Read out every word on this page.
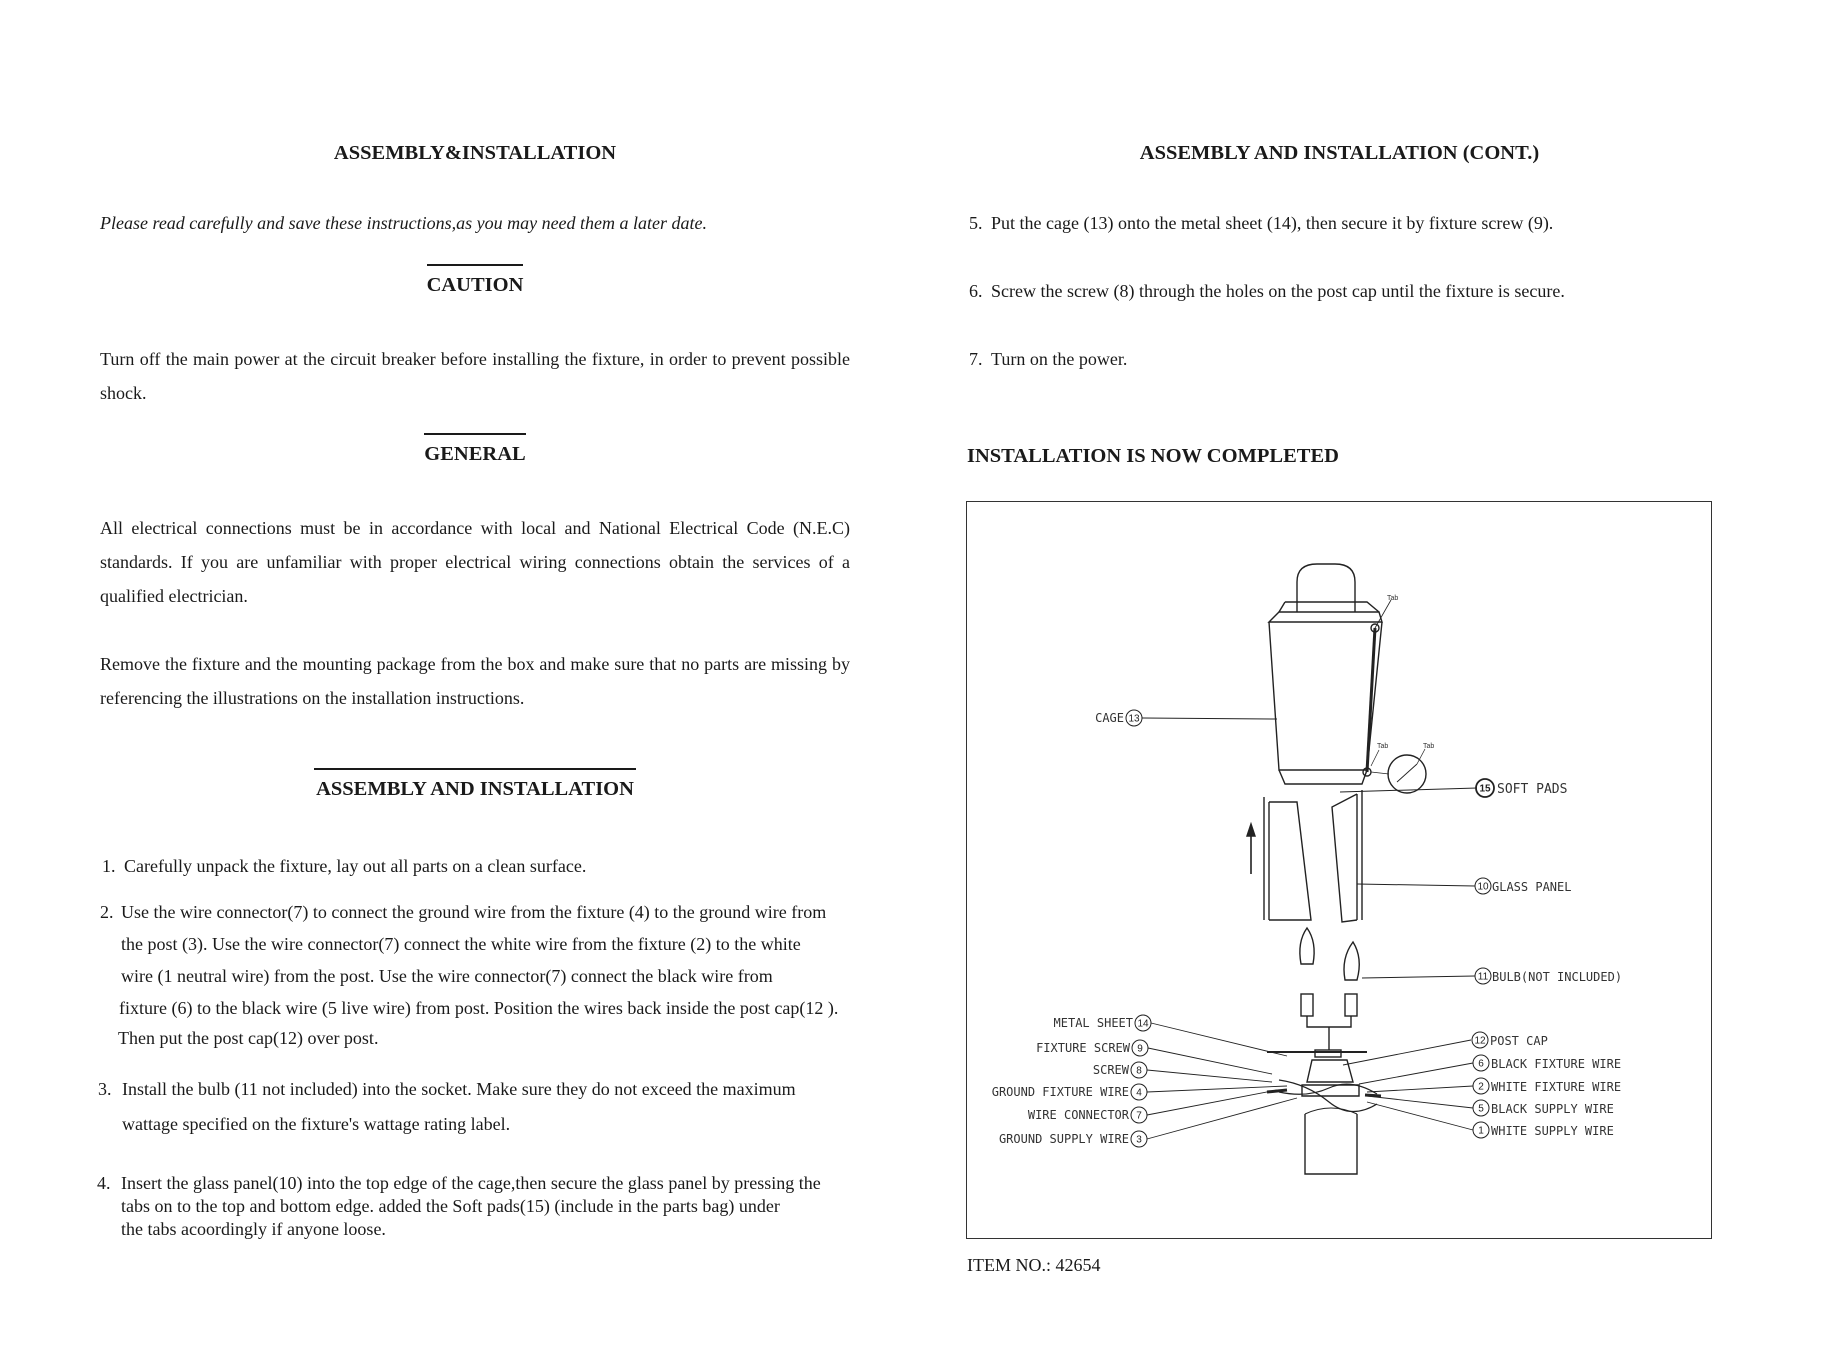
ASSEMBLY&INSTALLATION
Please read carefully and save these instructions,as you may need them a later date.
CAUTION
Turn off the main power at the circuit breaker before installing the fixture, in order to prevent possible shock.
GENERAL
All electrical connections must be in accordance with local and National Electrical Code (N.E.C) standards. If you are unfamiliar with proper electrical wiring connections obtain the services of a qualified electrician.
Remove the fixture and the mounting package from the box and make sure that no parts are missing by referencing the illustrations on the installation instructions.
ASSEMBLY AND INSTALLATION
1. Carefully unpack the fixture, lay out all parts on a clean surface.
2. Use the wire connector(7) to connect the ground wire from the fixture (4) to the ground wire from
the post (3). Use the wire connector(7) connect the white wire from the fixture (2) to the white
wire (1 neutral wire) from the post. Use the wire connector(7) connect the black wire from
fixture (6) to the black wire (5 live wire) from post. Position the wires back inside the post cap(12 ).
Then put the post cap(12) over post.
3. Install the bulb (11 not included) into the socket. Make sure they do not exceed the maximum
wattage specified on the fixture's wattage rating label.
4. Insert the glass panel(10) into the top edge of the cage,then secure the glass panel by pressing the
tabs on to the top and bottom edge. added the Soft pads(15) (include in the parts bag) under
the tabs acoordingly if anyone loose.
ASSEMBLY AND INSTALLATION (CONT.)
5. Put the cage (13) onto the metal sheet (14), then secure it by fixture screw (9).
6. Screw the screw (8) through the holes on the post cap until the fixture is secure.
7. Turn on the power.
INSTALLATION IS NOW COMPLETED
ITEM NO.: 42654
CAGE 13
Tab
Tab	Tab
15 SOFT PADS
10 GLASS PANEL
11 BULB(NOT INCLUDED)
METAL SHEET 14
FIXTURE SCREW 9
SCREW 8
GROUND FIXTURE WIRE 4
WIRE CONNECTOR 7
GROUND SUPPLY WIRE 3
12 POST CAP
6 BLACK FIXTURE WIRE
2 WHITE FIXTURE WIRE
5 BLACK SUPPLY WIRE
1 WHITE SUPPLY WIRE
